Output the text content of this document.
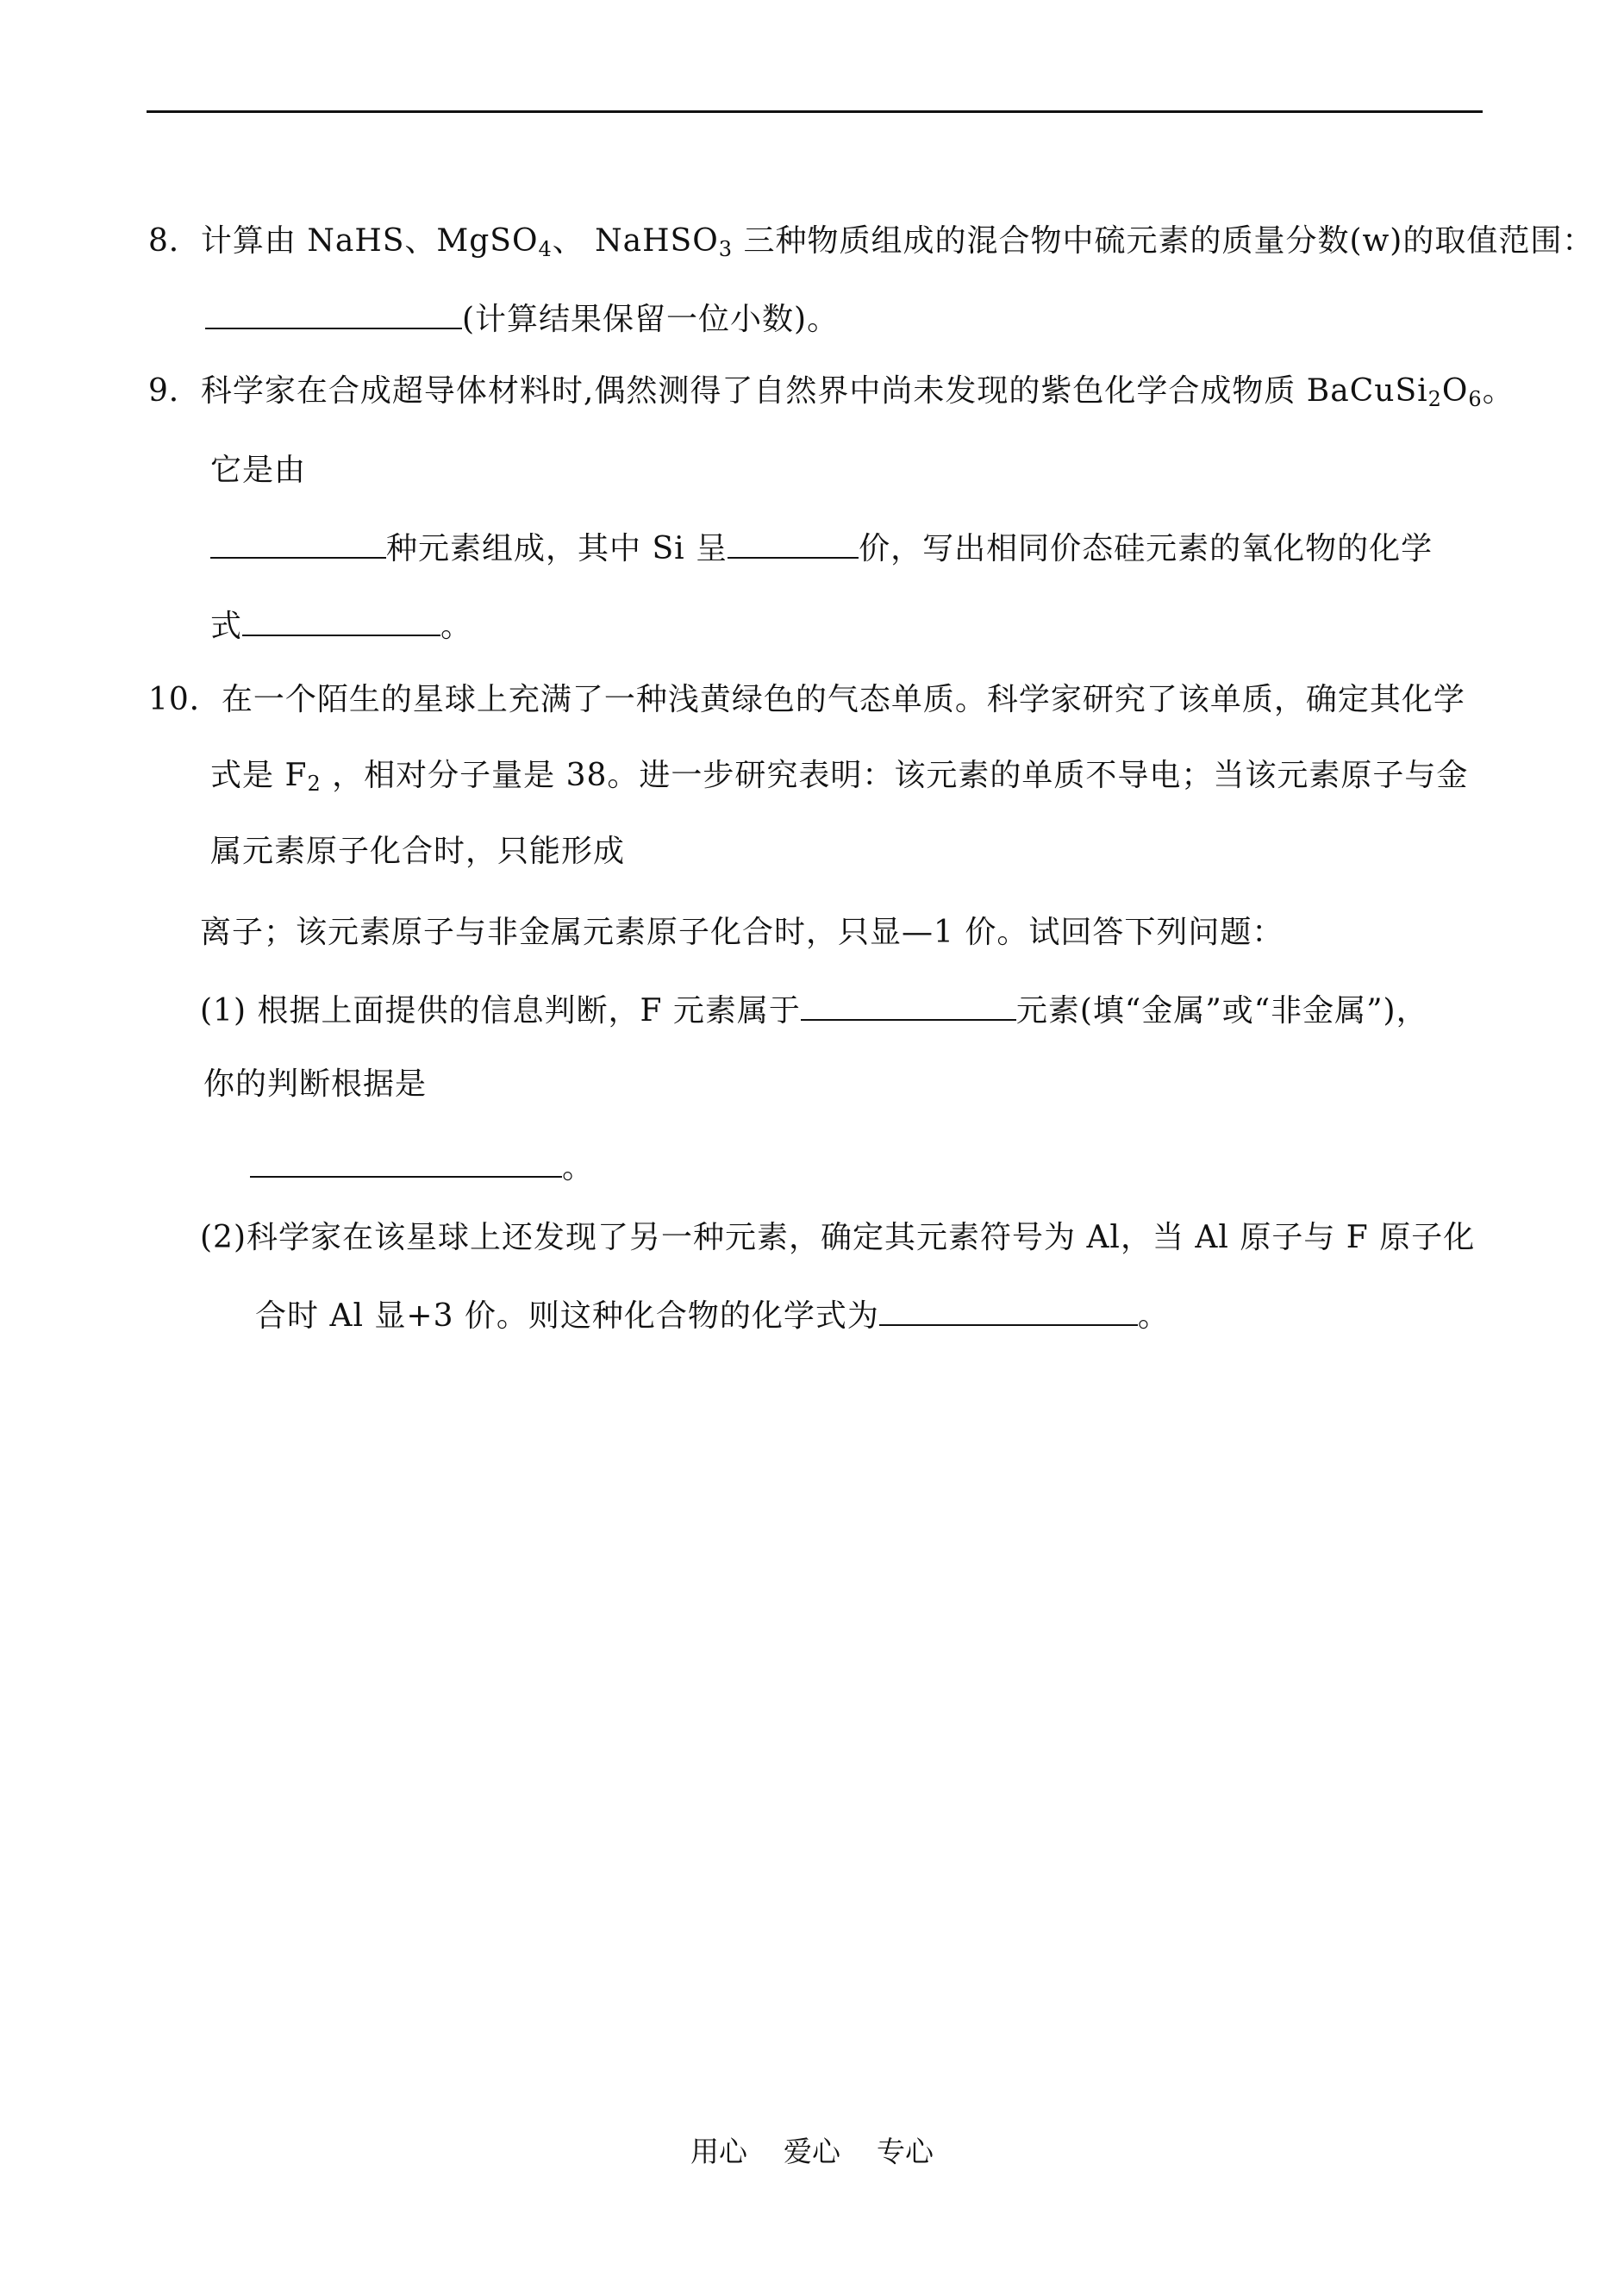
8．计算由 NaHS、MgSO$_4$、 NaHSO$_3$ 三种物质组成的混合物中硫元素的质量分数(w)的取值范围：
(计算结果保留一位小数)。
9．科学家在合成超导体材料时,偶然测得了自然界中尚未发现的紫色化学合成物质 $BaCuSi_2O_6$。
它是由
种元素组成，其中 Si 呈	价，写出相同价态硅元素的氧化物的化学
式	。
10．在一个陌生的星球上充满了一种浅黄绿色的气态单质。科学家研究了该单质，确定其化学
式是 $F_2$ ，相对分子量是 38。进一步研究表明：该元素的单质不导电；当该元素原子与金
属元素原子化合时，只能形成
离子；该元素原子与非金属元素原子化合时，只显—1 价。试回答下列问题：
(1) 根据上面提供的信息判断，F 元素属于	元素(填“金属”或“非金属”)，
你的判断根据是
。
(2)科学家在该星球上还发现了另一种元素，确定其元素符号为 Al，当 Al 原子与 F 原子化
合时 Al 显+3 价。则这种化合物的化学式为	。
用心    爱心    专心
